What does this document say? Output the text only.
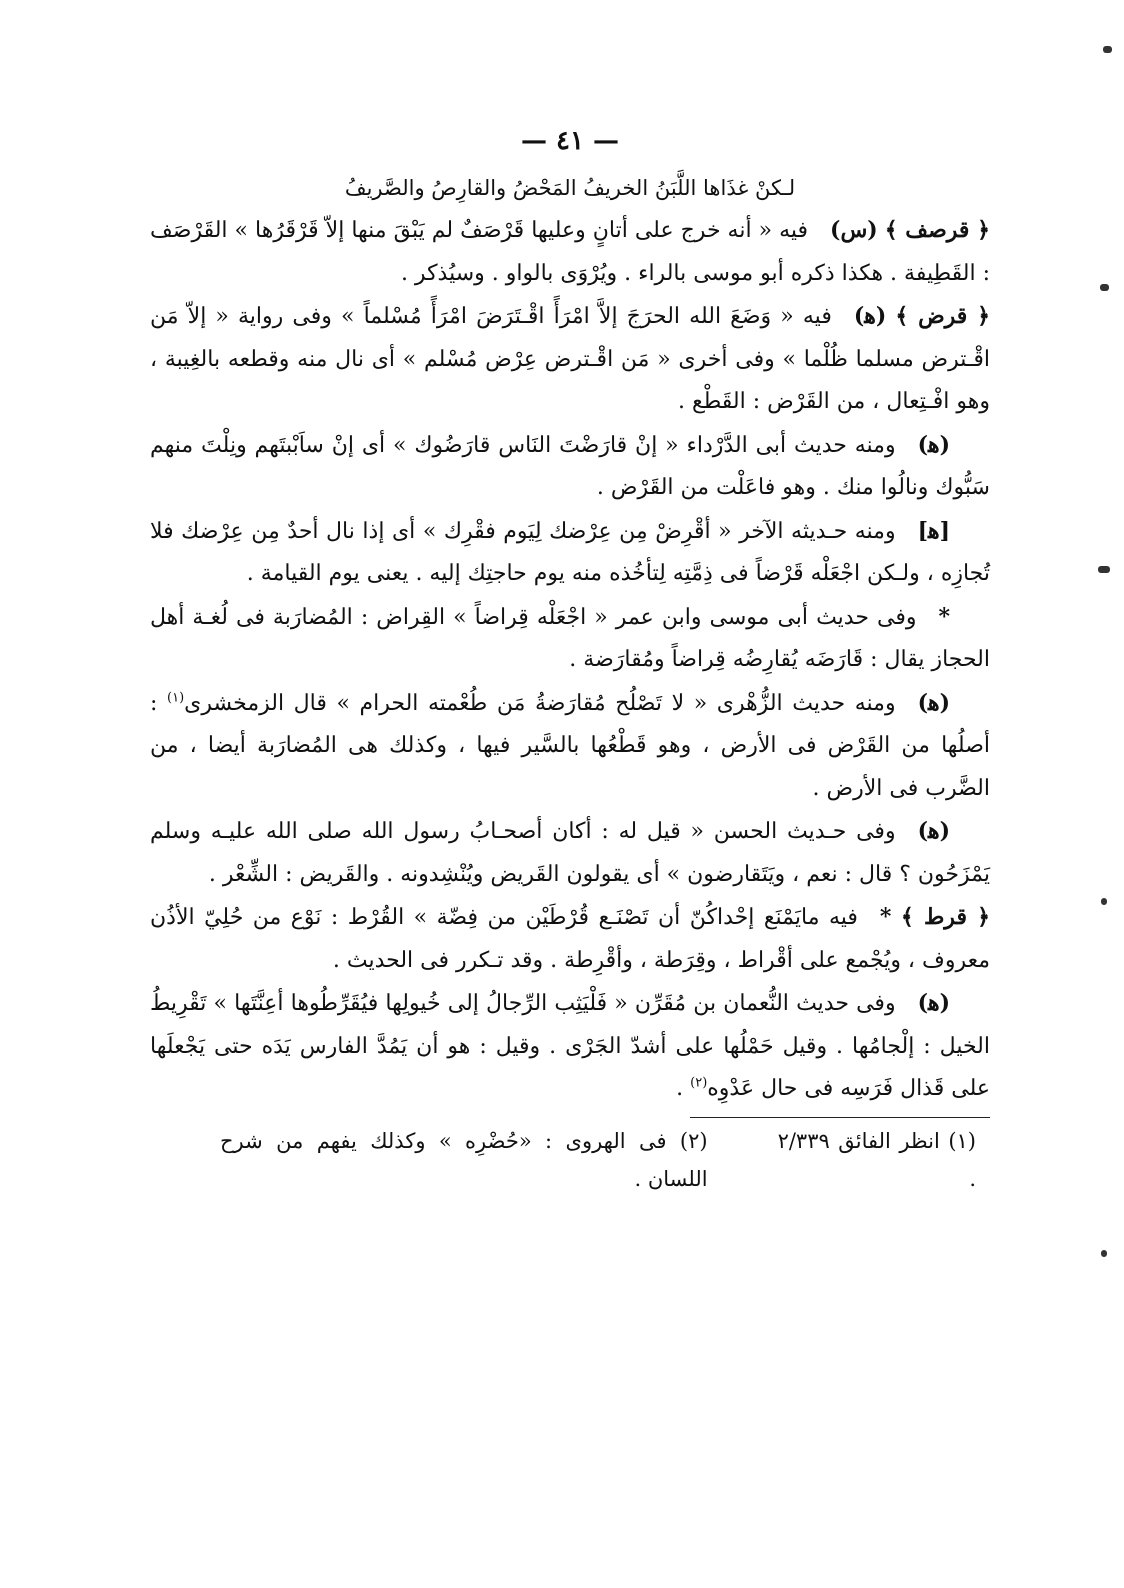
— ٤١ —
لـكنْ غذَاها اللَّبَنُ الخريفُ المَحْضُ والقارِصُ والصَّريفُ

﴿ قرصف ﴾ (س)فيه « أنه خرج على أتانٍ وعليها قَرْصَفٌ لم يَبْقَ منها إلاّ قَرْقَرُها » القَرْصَف : القَطِيفة . هكذا ذكره أبو موسى بالراء . ويُرْوَى بالواو . وسيُذكر .

﴿ قرض ﴾ (ﻫ)فيه « وَضَعَ الله الحرَجَ إلاَّ امْرَأً اقْـتَرَضَ امْرَأً مُسْلماً » وفى رواية « إلاّ مَن اقْـترض مسلما ظُلْما » وفى أخرى « مَن اقْـترض عِرْض مُسْلم » أى نال منه وقطعه بالغِيبة ، وهو افْـتِعال ، من القَرْض : القَطْع .

(ﻫ)ومنه حديث أبى الدَّرْداء « إنْ قارَضْتَ النَاس قارَضُوك » أى إنْ ساَبْبتَهم ونِلْتَ منهم سَبُّوك ونالُوا منك . وهو فاعَلْت من القَرْض .

[ﻫ]ومنه حـديثه الآخر « أقْرِضْ مِن عِرْضك لِيَوم فقْرِك » أى إذا نال أحدٌ مِن عِرْضك فلا تُجازِه ، ولـكن اجْعَلْه قَرْضاً فى ذِمَّتِه لِتأخُذه منه يوم حاجتِك إليه . يعنى يوم القيامة .

*وفى حديث أبى موسى وابن عمر « اجْعَلْه قِراضاً » القِراض : المُضارَبة فى لُغـة أهل الحجاز يقال : قَارَضَه يُقارِضُه قِراضاً ومُقارَضة .

(ﻫ)ومنه حديث الزُّهْرى « لا تَصْلُح مُقارَضةُ مَن طُعْمته الحرام » قال الزمخشرى$^{(١)}$ : أصلُها من القَرْض فى الأرض ، وهو قَطْعُها بالسَّير فيها ، وكذلك هى المُضارَبة أيضا ، من الضَّرب فى الأرض .

(ﻫ)وفى حـديث الحسن « قيل له : أكان أصحـابُ رسول الله صلى الله عليـه وسلم يَمْزَحُون ؟ قال : نعم ، ويَتَقارضون » أى يقولون القَريض ويُنْشِدونه . والقَريض : الشِّعْر .

﴿ قرط ﴾ *فيه مايَمْنَع إحْداكُنّ أن تَصْنَـع قُرْطَيْن من فِضّة » القُرْط : نَوْع من حُلِيّ الأذُن معروف ، ويُجْمع على أقْراط ، وقِرَطة ، وأقْرِطة . وقد تـكرر فى الحديث .

(ﻫ)وفى حديث النُّعمان بن مُقَرِّن « فَلْيَثِب الرِّجالُ إلى خُيولِها فيُقَرِّطُوها أعِنَّتَها » تَقْرِيطُ الخيل : إلْجامُها . وقيل حَمْلُها على أشدّ الجَرْى . وقيل : هو أن يَمُدَّ الفارس يَدَه حتى يَجْعلَها على قَذال فَرَسِه فى حال عَدْوِه$^{(٢)}$ .

(١) انظر الفائق ٢/٣٣٩ .
(٢) فى الهروى : «حُضْرِه » وكذلك يفهم من شرح اللسان .
